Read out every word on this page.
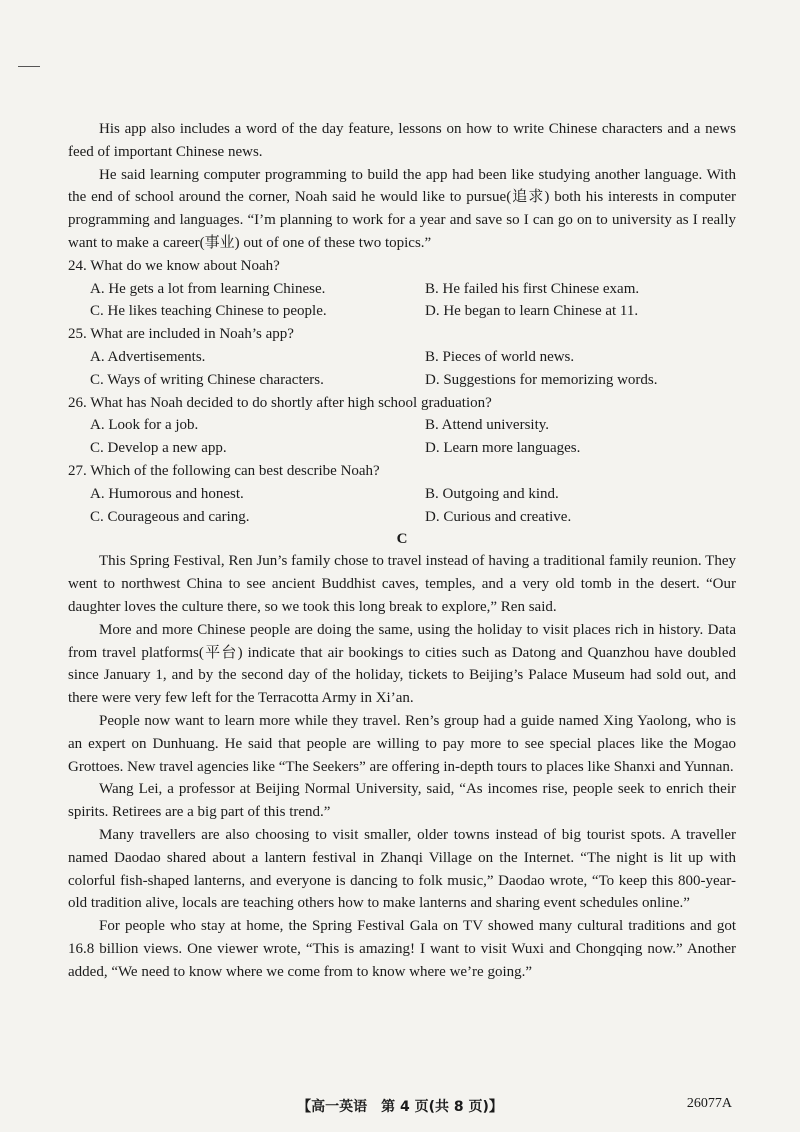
His app also includes a word of the day feature, lessons on how to write Chinese characters and a news feed of important Chinese news.

He said learning computer programming to build the app had been like studying another language. With the end of school around the corner, Noah said he would like to pursue(追求) both his interests in computer programming and languages. “I’m planning to work for a year and save so I can go on to university as I really want to make a career(事业) out of one of these two topics.”

24. What do we know about Noah?
A. He gets a lot from learning Chinese.	B. He failed his first Chinese exam.
C. He likes teaching Chinese to people.	D. He began to learn Chinese at 11.
25. What are included in Noah’s app?
A. Advertisements.	B. Pieces of world news.
C. Ways of writing Chinese characters.	D. Suggestions for memorizing words.
26. What has Noah decided to do shortly after high school graduation?
A. Look for a job.	B. Attend university.
C. Develop a new app.	D. Learn more languages.
27. Which of the following can best describe Noah?
A. Humorous and honest.	B. Outgoing and kind.
C. Courageous and caring.	D. Curious and creative.
C

This Spring Festival, Ren Jun’s family chose to travel instead of having a traditional family reunion. They went to northwest China to see ancient Buddhist caves, temples, and a very old tomb in the desert. “Our daughter loves the culture there, so we took this long break to explore,” Ren said.

More and more Chinese people are doing the same, using the holiday to visit places rich in history. Data from travel platforms(平台) indicate that air bookings to cities such as Datong and Quanzhou have doubled since January 1, and by the second day of the holiday, tickets to Beijing’s Palace Museum had sold out, and there were very few left for the Terracotta Army in Xi’an.

People now want to learn more while they travel. Ren’s group had a guide named Xing Yaolong, who is an expert on Dunhuang. He said that people are willing to pay more to see special places like the Mogao Grottoes. New travel agencies like “The Seekers” are offering in-depth tours to places like Shanxi and Yunnan.

Wang Lei, a professor at Beijing Normal University, said, “As incomes rise, people seek to enrich their spirits. Retirees are a big part of this trend.”

Many travellers are also choosing to visit smaller, older towns instead of big tourist spots. A traveller named Daodao shared about a lantern festival in Zhanqi Village on the Internet. “The night is lit up with colorful fish-shaped lanterns, and everyone is dancing to folk music,” Daodao wrote, “To keep this 800-year-old tradition alive, locals are teaching others how to make lanterns and sharing event schedules online.”

For people who stay at home, the Spring Festival Gala on TV showed many cultural traditions and got 16.8 billion views. One viewer wrote, “This is amazing! I want to visit Wuxi and Chongqing now.” Another added, “We need to know where we come from to know where we’re going.”

【高一英语　第 4 页(共 8 页)】	26077A
